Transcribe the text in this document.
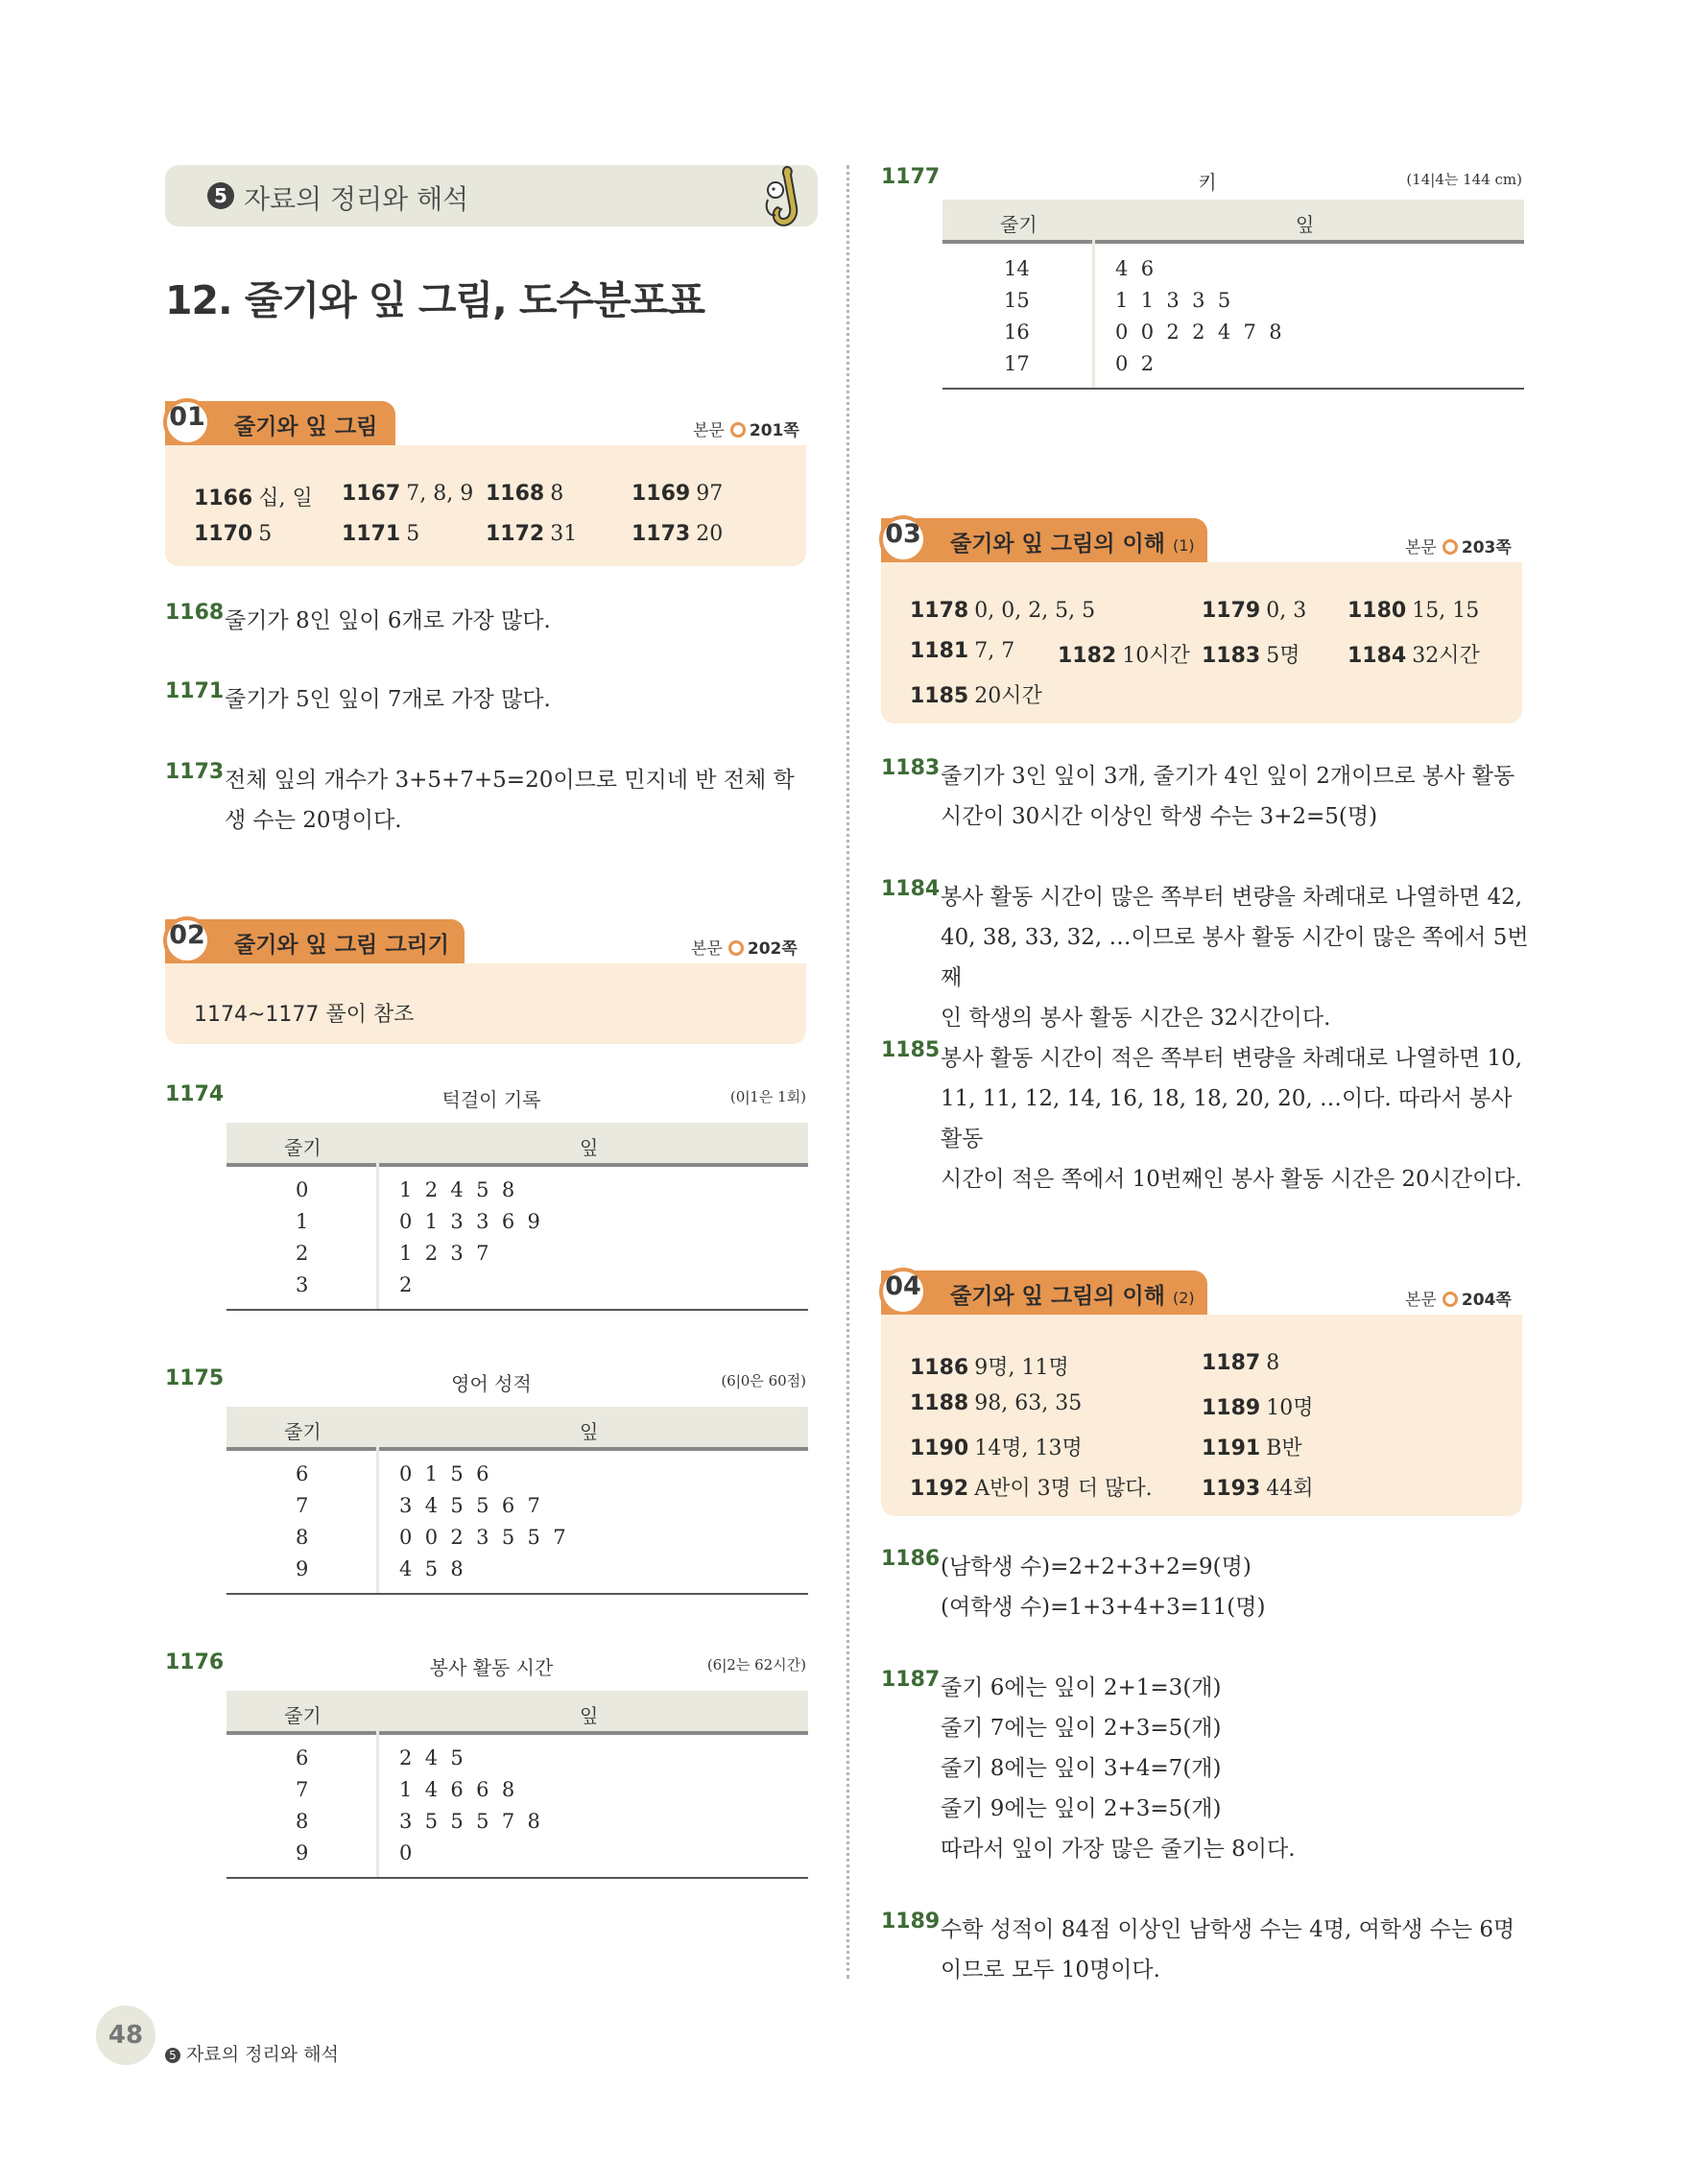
5 자료의 정리와 해석
12. 줄기와 잎 그림, 도수분포표
01 줄기와 잎 그림	본문 201쪽
1166 십, 일 1167 7, 8, 9 1168 8	1169 97
1170 5	1171 5	1172 31	1173 20
1168 줄기가 8인 잎이 6개로 가장 많다.
1171 줄기가 5인 잎이 7개로 가장 많다.
1173 전체 잎의 개수가 3+5+7+5=20이므로 민지네 반 전체 학
생 수는 20명이다.
02 줄기와 잎 그림 그리기	본문 202쪽
1174~1177 풀이 참조
1174	턱걸이 기록	(0|1은 1회)
줄기	잎
0	1  2  4  5  8
1	0  1  3  3  6  9
2	1  2  3  7
3	2
1175	영어 성적	(6|0은 60점)
줄기	잎
6	0  1  5  6
7	3  4  5  5  6  7
8	0  0  2  3  5  5  7
9	4  5  8
1176	봉사 활동 시간	(6|2는 62시간)
줄기	잎
6	2  4  5
7	1  4  6  6  8
8	3  5  5  5  7  8
9	0
1177	키	(14|4는 144 cm)
줄기	잎
14	4  6
15	1  1  3  3  5
16	0  0  2  2  4  7  8
17	0  2
03 줄기와 잎 그림의 이해 (1)	본문 203쪽
1178 0, 0, 2, 5, 5	1179 0, 3 1180 15, 15
1181 7, 7 1182 10시간 1183 5명 1184 32시간
1185 20시간
1183 줄기가 3인 잎이 3개, 줄기가 4인 잎이 2개이므로 봉사 활동
시간이 30시간 이상인 학생 수는 3+2=5(명)
1184 봉사 활동 시간이 많은 쪽부터 변량을 차례대로 나열하면 42,
40, 38, 33, 32, …이므로 봉사 활동 시간이 많은 쪽에서 5번째
인 학생의 봉사 활동 시간은 32시간이다.
1185 봉사 활동 시간이 적은 쪽부터 변량을 차례대로 나열하면 10,
11, 11, 12, 14, 16, 18, 18, 20, 20, …이다. 따라서 봉사 활동
시간이 적은 쪽에서 10번째인 봉사 활동 시간은 20시간이다.
04 줄기와 잎 그림의 이해 (2)	본문 204쪽
1186 9명, 11명	1187 8
1188 98, 63, 35	1189 10명
1190 14명, 13명	1191 B반
1192 A반이 3명 더 많다. 1193 44회
1186 (남학생 수)=2+2+3+2=9(명)
(여학생 수)=1+3+4+3=11(명)
1187 줄기 6에는 잎이 2+1=3(개)
줄기 7에는 잎이 2+3=5(개)
줄기 8에는 잎이 3+4=7(개)
줄기 9에는 잎이 2+3=5(개)
따라서 잎이 가장 많은 줄기는 8이다.
1189 수학 성적이 84점 이상인 남학생 수는 4명, 여학생 수는 6명
이므로 모두 10명이다.
48
5 자료의 정리와 해석
